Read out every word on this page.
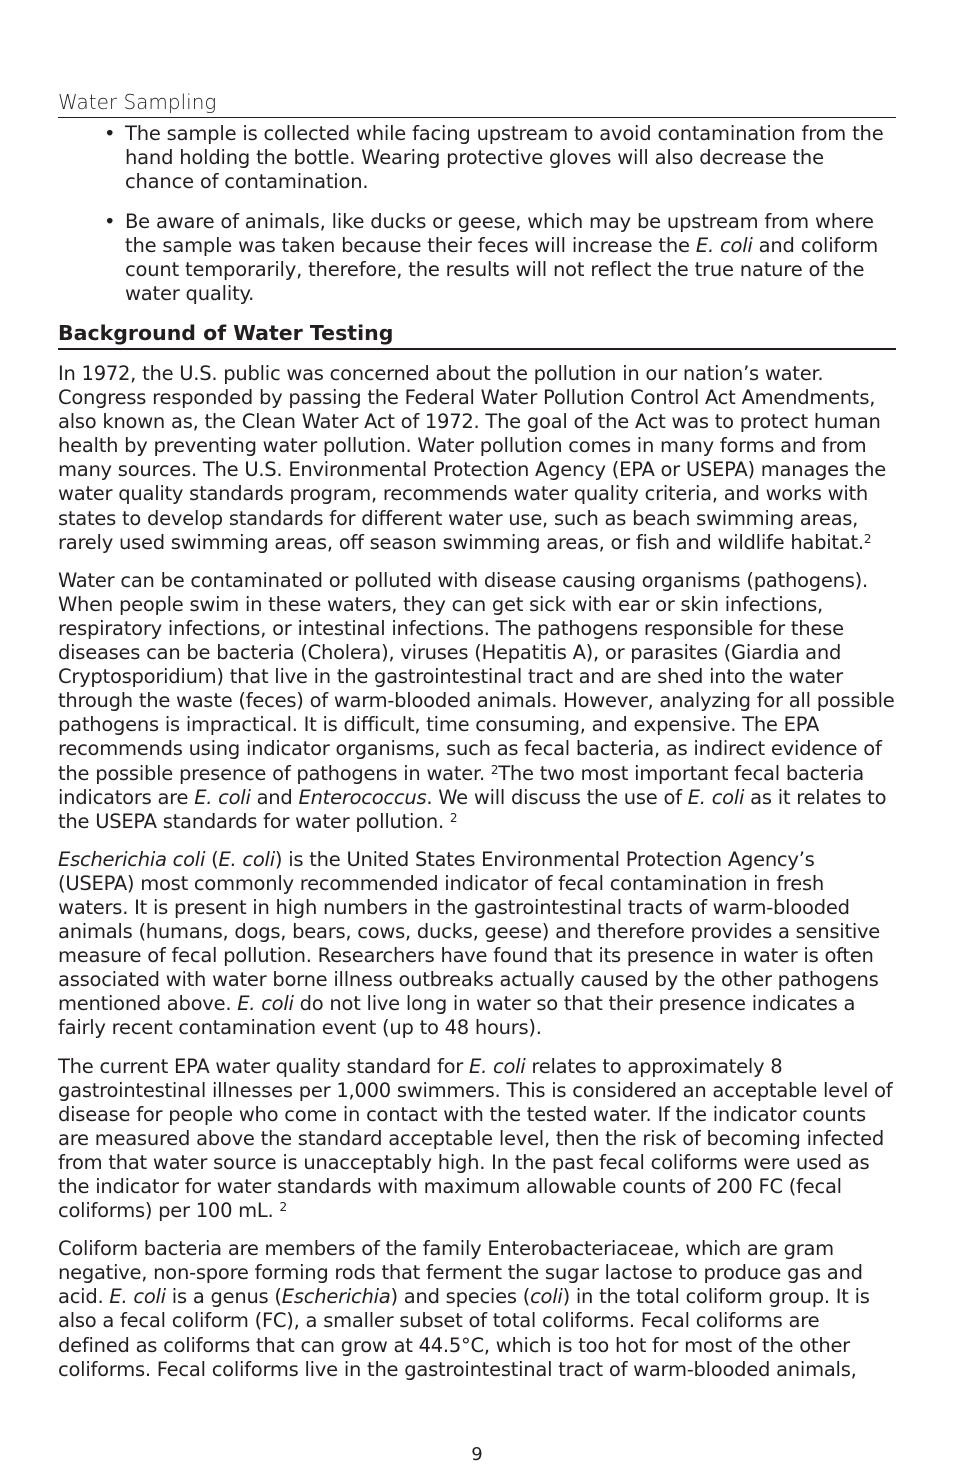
Water Sampling
• The sample is collected while facing upstream to avoid contamination from the hand holding the bottle. Wearing protective gloves will also decrease the chance of contamination.
• Be aware of animals, like ducks or geese, which may be upstream from where the sample was taken because their feces will increase the E. coli and coliform count temporarily, therefore, the results will not reflect the true nature of the water quality.
Background of Water Testing

In 1972, the U.S. public was concerned about the pollution in our nation’s water. Congress responded by passing the Federal Water Pollution Control Act Amendments, also known as, the Clean Water Act of 1972. The goal of the Act was to protect human health by preventing water pollution. Water pollution comes in many forms and from many sources. The U.S. Environmental Protection Agency (EPA or USEPA) manages the water quality standards program, recommends water quality criteria, and works with states to develop standards for different water use, such as beach swimming areas, rarely used swimming areas, off season swimming areas, or fish and wildlife habitat.$^2$

Water can be contaminated or polluted with disease causing organisms (pathogens). When people swim in these waters, they can get sick with ear or skin infections, respiratory infections, or intestinal infections. The pathogens responsible for these diseases can be bacteria (Cholera), viruses (Hepatitis A), or parasites (Giardia and Cryptosporidium) that live in the gastrointestinal tract and are shed into the water through the waste (feces) of warm-blooded animals. However, analyzing for all possible pathogens is impractical. It is difficult, time consuming, and expensive. The EPA recommends using indicator organisms, such as fecal bacteria, as indirect evidence of the possible presence of pathogens in water. $^2$The two most important fecal bacteria indicators are E. coli and Enterococcus. We will discuss the use of E. coli as it relates to the USEPA standards for water pollution. $^2$

Escherichia coli (E. coli) is the United States Environmental Protection Agency’s (USEPA) most commonly recommended indicator of fecal contamination in fresh waters. It is present in high numbers in the gastrointestinal tracts of warm-blooded animals (humans, dogs, bears, cows, ducks, geese) and therefore provides a sensitive measure of fecal pollution. Researchers have found that its presence in water is often associated with water borne illness outbreaks actually caused by the other pathogens mentioned above. E. coli do not live long in water so that their presence indicates a fairly recent contamination event (up to 48 hours).

The current EPA water quality standard for E. coli relates to approximately 8 gastrointestinal illnesses per 1,000 swimmers. This is considered an acceptable level of disease for people who come in contact with the tested water. If the indicator counts are measured above the standard acceptable level, then the risk of becoming infected from that water source is unacceptably high. In the past fecal coliforms were used as the indicator for water standards with maximum allowable counts of 200 FC (fecal coliforms) per 100 mL. $^2$

Coliform bacteria are members of the family Enterobacteriaceae, which are gram negative, non-spore forming rods that ferment the sugar lactose to produce gas and acid. E. coli is a genus (Escherichia) and species (coli) in the total coliform group. It is also a fecal coliform (FC), a smaller subset of total coliforms. Fecal coliforms are defined as coliforms that can grow at 44.5°C, which is too hot for most of the other coliforms. Fecal coliforms live in the gastrointestinal tract of warm-blooded animals,

9
